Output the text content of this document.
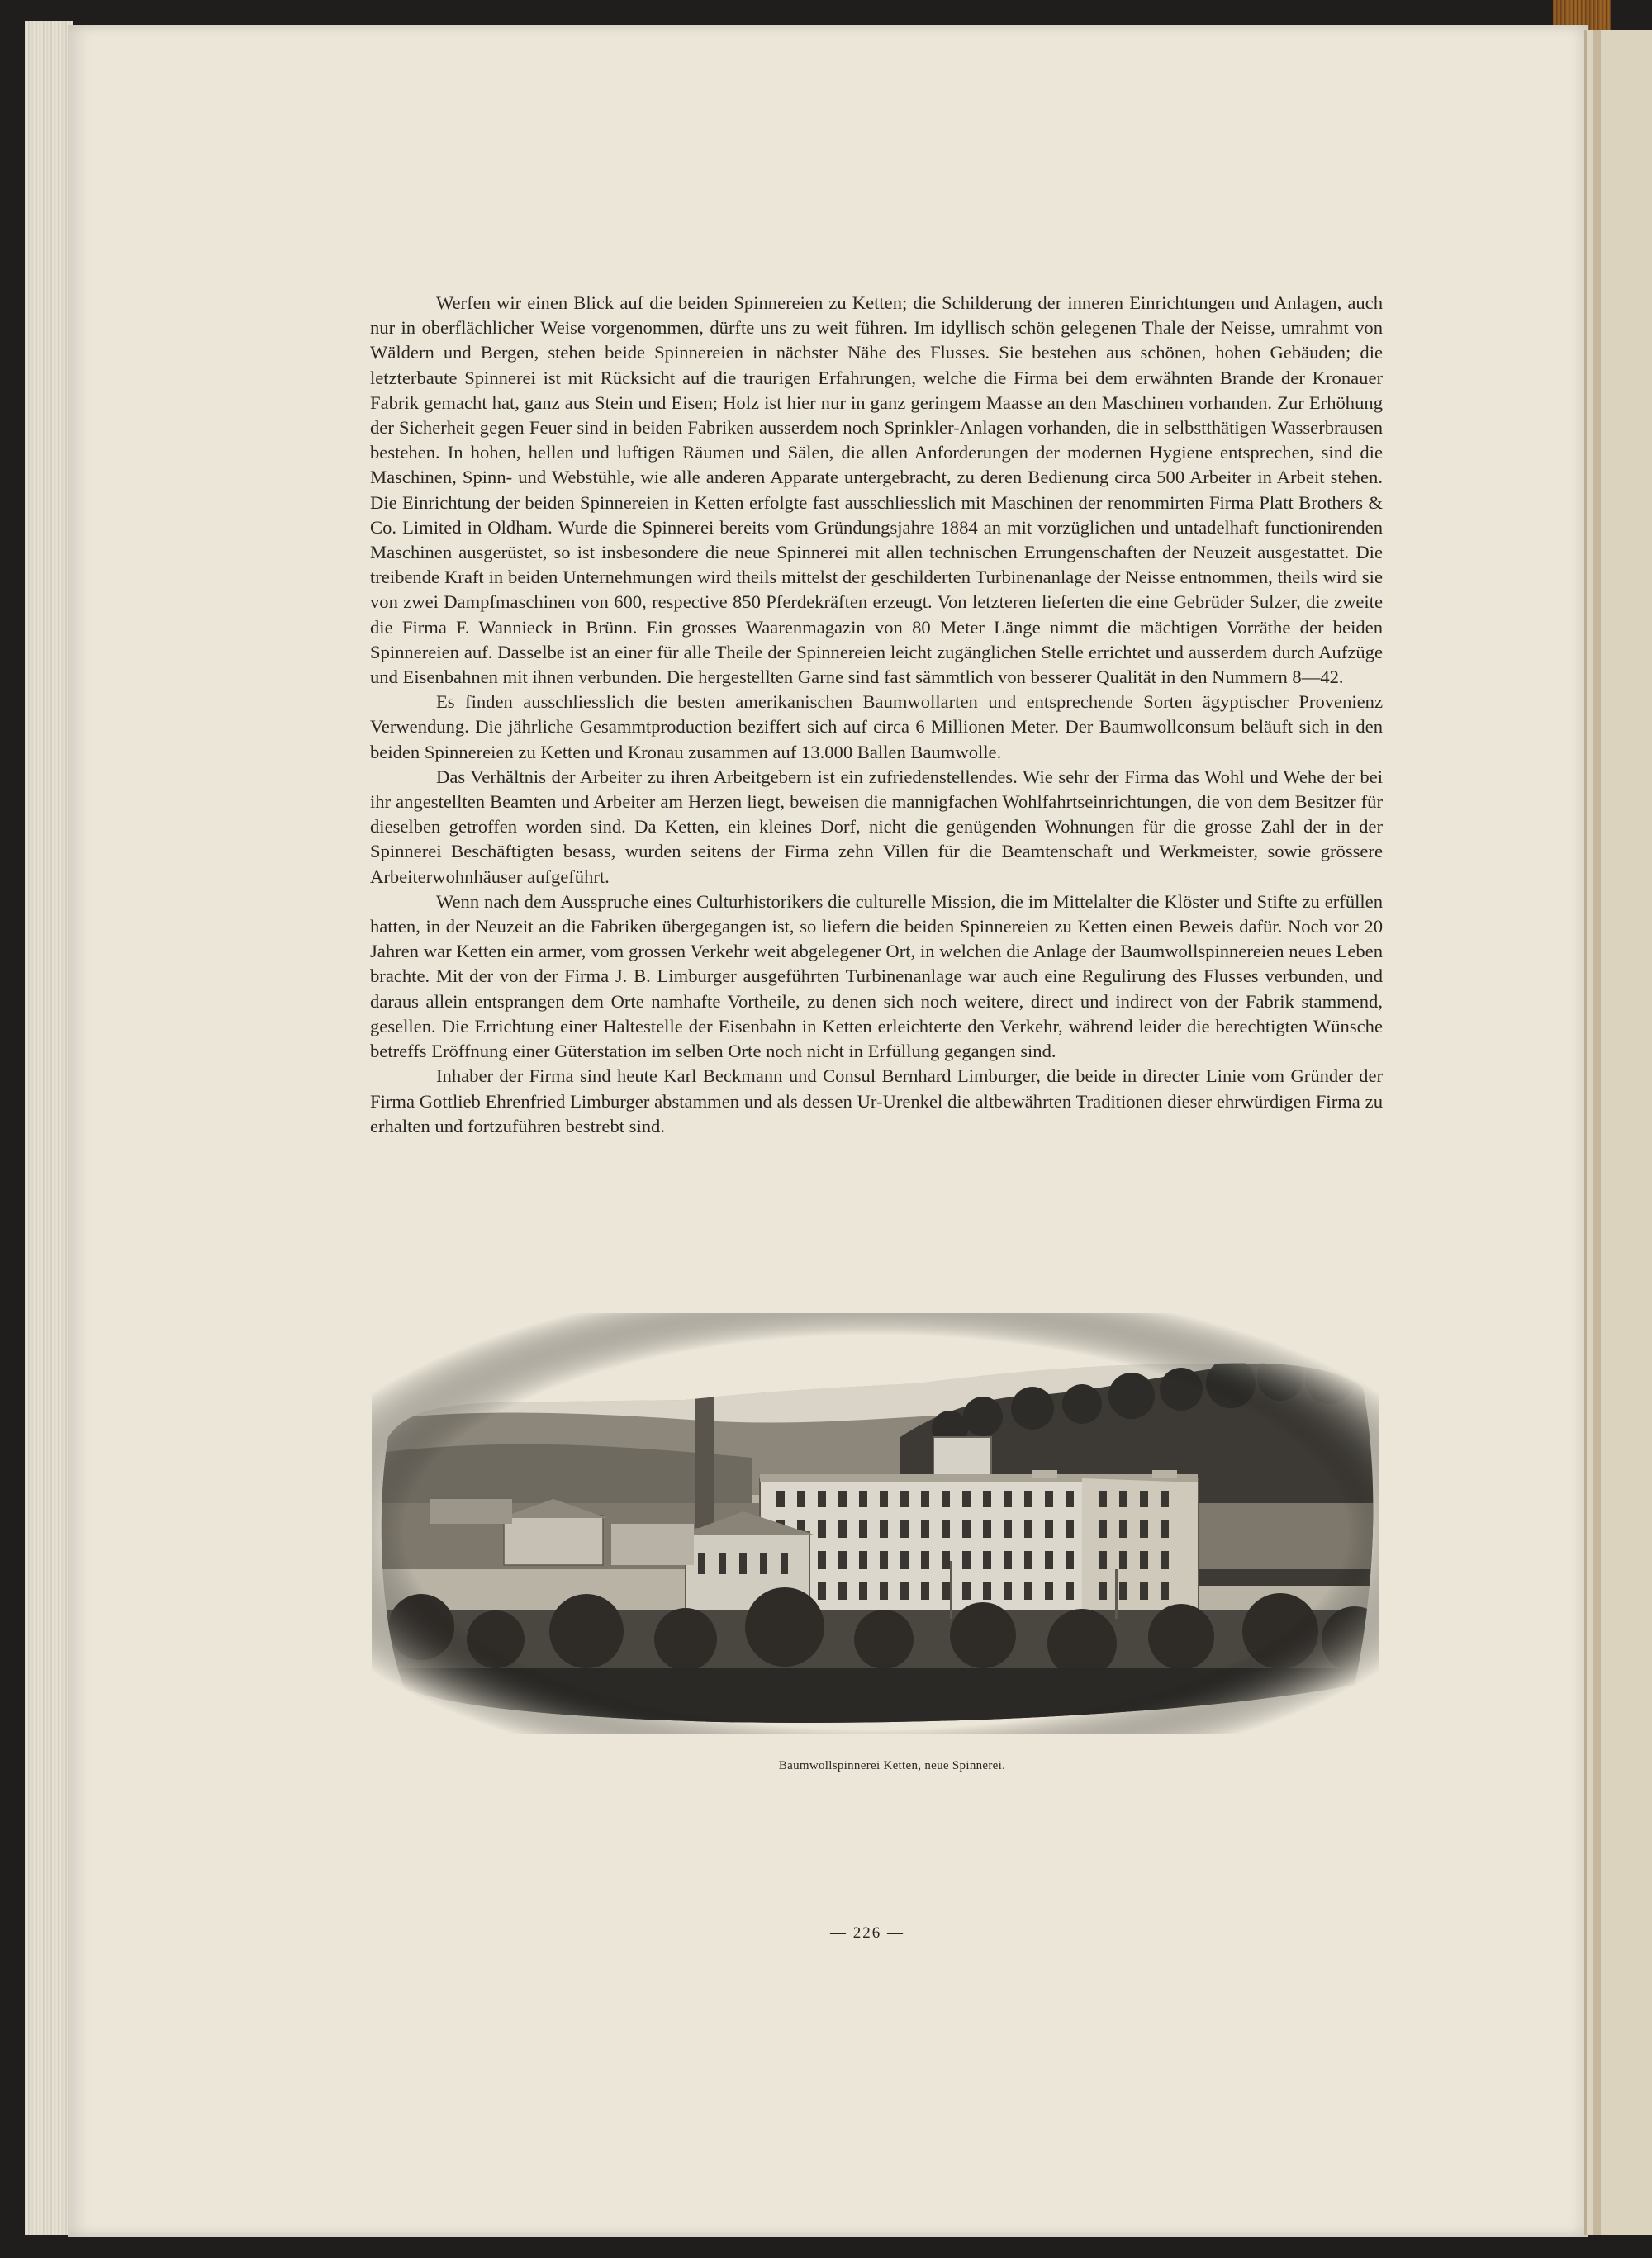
Werfen wir einen Blick auf die beiden Spinnereien zu Ketten; die Schilderung der inneren Einrichtungen und Anlagen, auch nur in oberflächlicher Weise vorgenommen, dürfte uns zu weit führen. Im idyllisch schön gelegenen Thale der Neisse, umrahmt von Wäldern und Bergen, stehen beide Spinnereien in nächster Nähe des Flusses. Sie bestehen aus schönen, hohen Gebäuden; die letzterbaute Spinnerei ist mit Rücksicht auf die traurigen Erfahrungen, welche die Firma bei dem erwähnten Brande der Kronauer Fabrik gemacht hat, ganz aus Stein und Eisen; Holz ist hier nur in ganz geringem Maasse an den Maschinen vorhanden. Zur Erhöhung der Sicherheit gegen Feuer sind in beiden Fabriken ausserdem noch Sprinkler-Anlagen vorhanden, die in selbstthätigen Wasserbrausen bestehen. In hohen, hellen und luftigen Räumen und Sälen, die allen Anforderungen der modernen Hygiene entsprechen, sind die Maschinen, Spinn- und Webstühle, wie alle anderen Apparate untergebracht, zu deren Bedienung circa 500 Arbeiter in Arbeit stehen. Die Einrichtung der beiden Spinnereien in Ketten erfolgte fast ausschliesslich mit Maschinen der renommirten Firma Platt Brothers & Co. Limited in Oldham. Wurde die Spinnerei bereits vom Gründungsjahre 1884 an mit vorzüglichen und untadelhaft functionirenden Maschinen ausgerüstet, so ist insbesondere die neue Spinnerei mit allen technischen Errungenschaften der Neuzeit ausgestattet. Die treibende Kraft in beiden Unternehmungen wird theils mittelst der geschilderten Turbinenanlage der Neisse entnommen, theils wird sie von zwei Dampfmaschinen von 600, respective 850 Pferdekräften erzeugt. Von letzteren lieferten die eine Gebrüder Sulzer, die zweite die Firma F. Wannieck in Brünn. Ein grosses Waarenmagazin von 80 Meter Länge nimmt die mächtigen Vorräthe der beiden Spinnereien auf. Dasselbe ist an einer für alle Theile der Spinnereien leicht zugänglichen Stelle errichtet und ausserdem durch Aufzüge und Eisenbahnen mit ihnen verbunden. Die hergestellten Garne sind fast sämmtlich von besserer Qualität in den Nummern 8—42.

Es finden ausschliesslich die besten amerikanischen Baumwollarten und entsprechende Sorten ägyptischer Provenienz Verwendung. Die jährliche Gesammtproduction beziffert sich auf circa 6 Millionen Meter. Der Baumwollconsum beläuft sich in den beiden Spinnereien zu Ketten und Kronau zusammen auf 13.000 Ballen Baumwolle.

Das Verhältnis der Arbeiter zu ihren Arbeitgebern ist ein zufriedenstellendes. Wie sehr der Firma das Wohl und Wehe der bei ihr angestellten Beamten und Arbeiter am Herzen liegt, beweisen die mannigfachen Wohlfahrtseinrichtungen, die von dem Besitzer für dieselben getroffen worden sind. Da Ketten, ein kleines Dorf, nicht die genügenden Wohnungen für die grosse Zahl der in der Spinnerei Beschäftigten besass, wurden seitens der Firma zehn Villen für die Beamtenschaft und Werkmeister, sowie grössere Arbeiterwohnhäuser aufgeführt.

Wenn nach dem Ausspruche eines Culturhistorikers die culturelle Mission, die im Mittelalter die Klöster und Stifte zu erfüllen hatten, in der Neuzeit an die Fabriken übergegangen ist, so liefern die beiden Spinnereien zu Ketten einen Beweis dafür. Noch vor 20 Jahren war Ketten ein armer, vom grossen Verkehr weit abgelegener Ort, in welchen die Anlage der Baumwollspinnereien neues Leben brachte. Mit der von der Firma J. B. Limburger ausgeführten Turbinenanlage war auch eine Regulirung des Flusses verbunden, und daraus allein entsprangen dem Orte namhafte Vortheile, zu denen sich noch weitere, direct und indirect von der Fabrik stammend, gesellen. Die Errichtung einer Haltestelle der Eisenbahn in Ketten erleichterte den Verkehr, während leider die berechtigten Wünsche betreffs Eröffnung einer Güterstation im selben Orte noch nicht in Erfüllung gegangen sind.

Inhaber der Firma sind heute Karl Beckmann und Consul Bernhard Limburger, die beide in directer Linie vom Gründer der Firma Gottlieb Ehrenfried Limburger abstammen und als dessen Ur-Urenkel die altbewährten Traditionen dieser ehrwürdigen Firma zu erhalten und fortzuführen bestrebt sind.

Baumwollspinnerei Ketten, neue Spinnerei.
— 226 —
